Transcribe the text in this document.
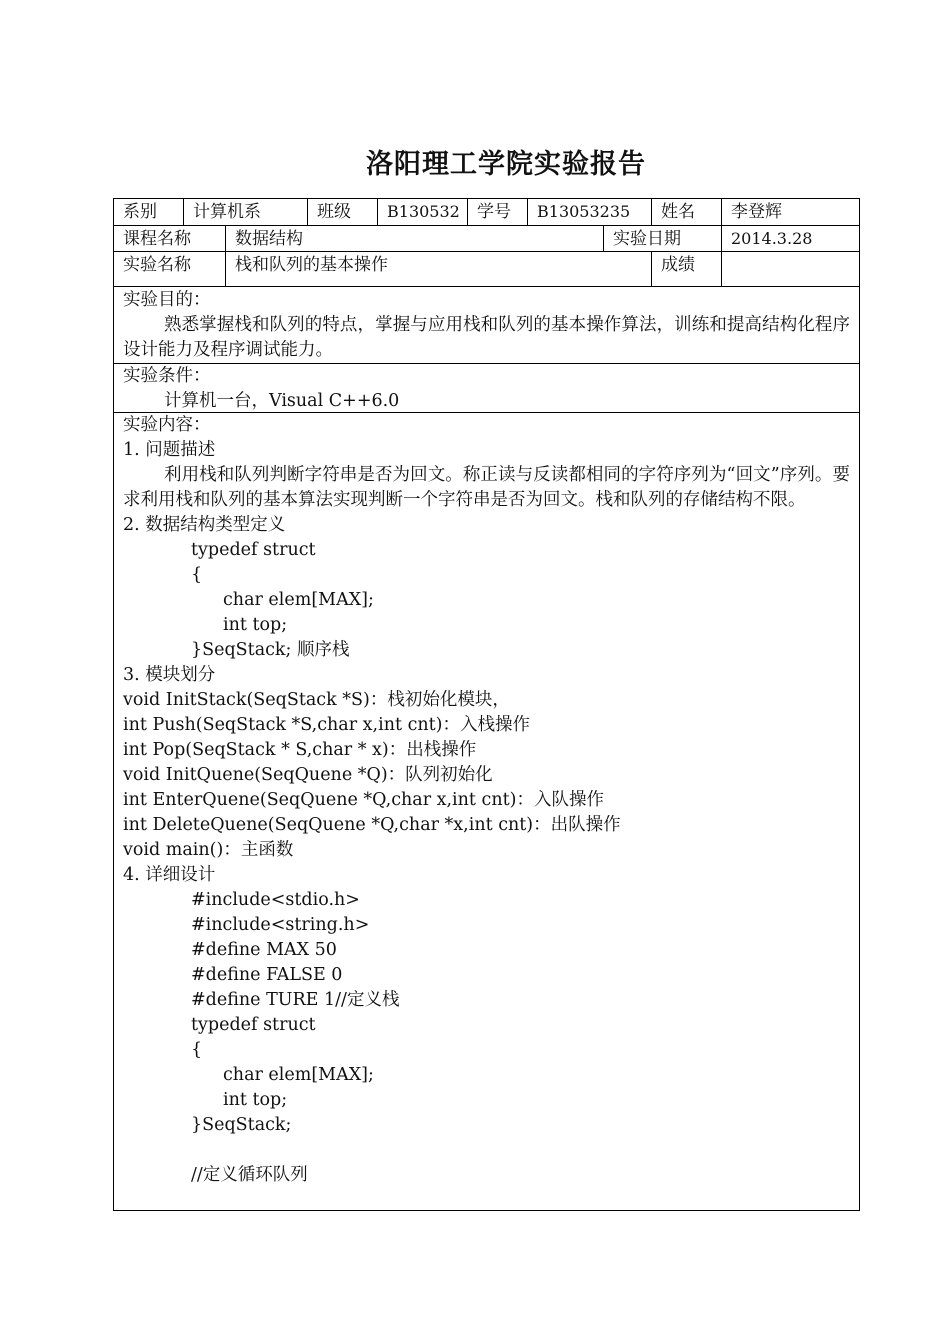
洛阳理工学院实验报告
系别	计算机系	班级	B130532	学号	B13053235	姓名	李登辉
课程名称	数据结构	实验日期	2014.3.28
实验名称	栈和队列的基本操作	成绩
实验目的：
熟悉掌握栈和队列的特点，掌握与应用栈和队列的基本操作算法，训练和提高结构化程序设计能力及程序调试能力。
实验条件：
计算机一台，Visual C++6.0
实验内容：
1. 问题描述
利用栈和队列判断字符串是否为回文。称正读与反读都相同的字符序列为“回文”序列。要求利用栈和队列的基本算法实现判断一个字符串是否为回文。栈和队列的存储结构不限。
2. 数据结构类型定义
typedef struct
{
char elem[MAX];
int top;
}SeqStack; 顺序栈
3. 模块划分
void InitStack(SeqStack *S)：栈初始化模块，
int Push(SeqStack *S,char x,int cnt)：入栈操作
int Pop(SeqStack * S,char * x)：出栈操作
void InitQuene(SeqQuene *Q)：队列初始化
int EnterQuene(SeqQuene *Q,char x,int cnt)：入队操作
int DeleteQuene(SeqQuene *Q,char *x,int cnt)：出队操作
void main()：主函数
4. 详细设计
#include<stdio.h>
#include<string.h>
#define MAX 50
#define FALSE 0
#define TURE 1//定义栈
typedef struct
{
char elem[MAX];
int top;
}SeqStack;
//定义循环队列
